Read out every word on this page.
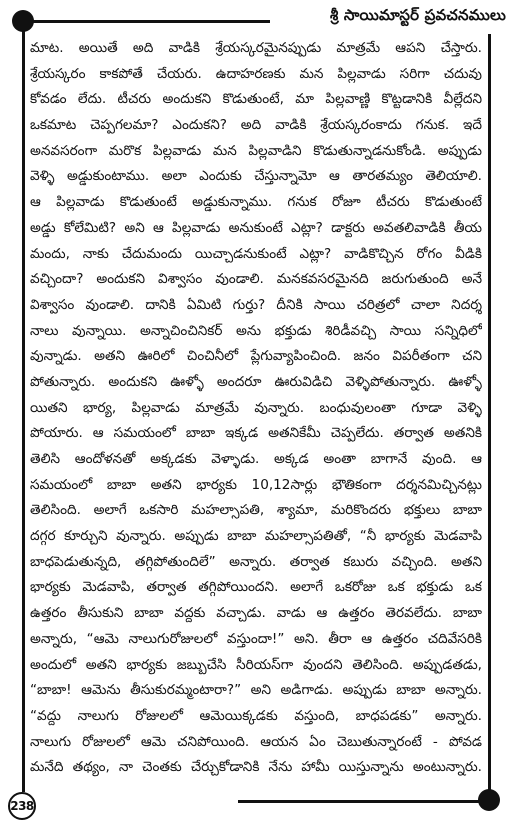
శ్రీ సాయిమాస్టర్ ప్రవచనములు
మాట. అయితే అది వాడికి శ్రేయస్కరమైనప్పుడు మాత్రమే ఆపని చేస్తారు.
శ్రేయస్కరం కాకపోతే చేయరు. ఉదాహరణకు మన పిల్లవాడు సరిగా చదువు
కోవడం లేదు. టీచరు అందుకని కొడుతుంటే, మా పిల్లవాణ్ణి కొట్టడానికి వీల్లేదని
ఒకమాట చెప్పగలమా? ఎందుకని? అది వాడికి శ్రేయస్కరంకాదు గనుక. ఇదే
అనవసరంగా మరొక పిల్లవాడు మన పిల్లవాడిని కొడుతున్నాడనుకోండి. అప్పుడు
వెళ్ళి అడ్డుకుంటాము. అలా ఎందుకు చేస్తున్నామో ఆ తారతమ్యం తెలియాలి.
ఆ పిల్లవాడు కొడుతుంటే అడ్డుకున్నాము. గనుక రోజూ టీచరు కొడుతుంటే
అడ్డు కోలేమిటి? అని ఆ పిల్లవాడు అనుకుంటే ఎట్లా? డాక్టరు అవతలివాడికి తీయ
మందు, నాకు చేదుమందు యిచ్చాడనుకుంటే ఎట్లా? వాడికొచ్చిన రోగం వీడికి
వచ్చిందా? అందుకని విశ్వాసం వుండాలి. మనకవసరమైనది జరుగుతుంది అనే
విశ్వాసం వుండాలి. దానికి ఏమిటి గుర్తు? దీనికి సాయి చరిత్రలో చాలా నిదర్శ
నాలు వున్నాయి. అన్నాచించినికర్ అను భక్తుడు శిరిడీవచ్చి సాయి సన్నిధిలో
వున్నాడు. అతని ఊరిలో చించినీలో ప్లేగువ్యాపించింది. జనం విపరీతంగా చని
పోతున్నారు. అందుకని ఊళ్ళో అందరూ ఊరువిడిచి వెళ్ళిపోతున్నారు. ఊళ్ళో
యితని భార్య, పిల్లవాడు మాత్రమే వున్నారు. బంధువులంతా గూడా వెళ్ళి
పోయారు. ఆ సమయంలో బాబా ఇక్కడ అతనికేమీ చెప్పలేదు. తర్వాత అతనికి
తెలిసి ఆందోళనతో అక్కడకు వెళ్ళాడు. అక్కడ అంతా బాగానే వుంది. ఆ
సమయంలో బాబా అతని భార్యకు 10,12సార్లు భౌతికంగా దర్శనమిచ్చినట్లు
తెలిసింది. అలాగే ఒకసారి మహల్సాపతి, శ్యామా, మరికొందరు భక్తులు బాబా
దగ్గర కూర్చుని వున్నారు. అప్పుడు బాబా మహల్సాపతితో, “నీ భార్యకు మెడవాపి
బాధపెడుతున్నది, తగ్గిపోతుందిలే” అన్నారు. తర్వాత కబురు వచ్చింది. అతని
భార్యకు మెడవాపి, తర్వాత తగ్గిపోయిందని. అలాగే ఒకరోజు ఒక భక్తుడు ఒక
ఉత్తరం తీసుకుని బాబా వద్దకు వచ్చాడు. వాడు ఆ ఉత్తరం తెరవలేదు. బాబా
అన్నారు, “ఆమె నాలుగురోజులలో వస్తుందా!” అని. తీరా ఆ ఉత్తరం చదివేసరికి
అందులో అతని భార్యకు జబ్బుచేసి సీరియస్‌గా వుందని తెలిసింది. అప్పుడతడు,
“బాబా! ఆమెను తీసుకురమ్మంటారా?” అని అడిగాడు. అప్పుడు బాబా అన్నారు.
“వద్దు నాలుగు రోజులలో ఆమెయిక్కడకు వస్తుంది, బాధపడకు” అన్నారు.
నాలుగు రోజులలో ఆమె చనిపోయింది. ఆయన ఏం చెబుతున్నారంటే - పోవడ
మనేది తథ్యం, నా చెంతకు చేర్చుకోడానికి నేను హామీ యిస్తున్నాను అంటున్నారు.
238
